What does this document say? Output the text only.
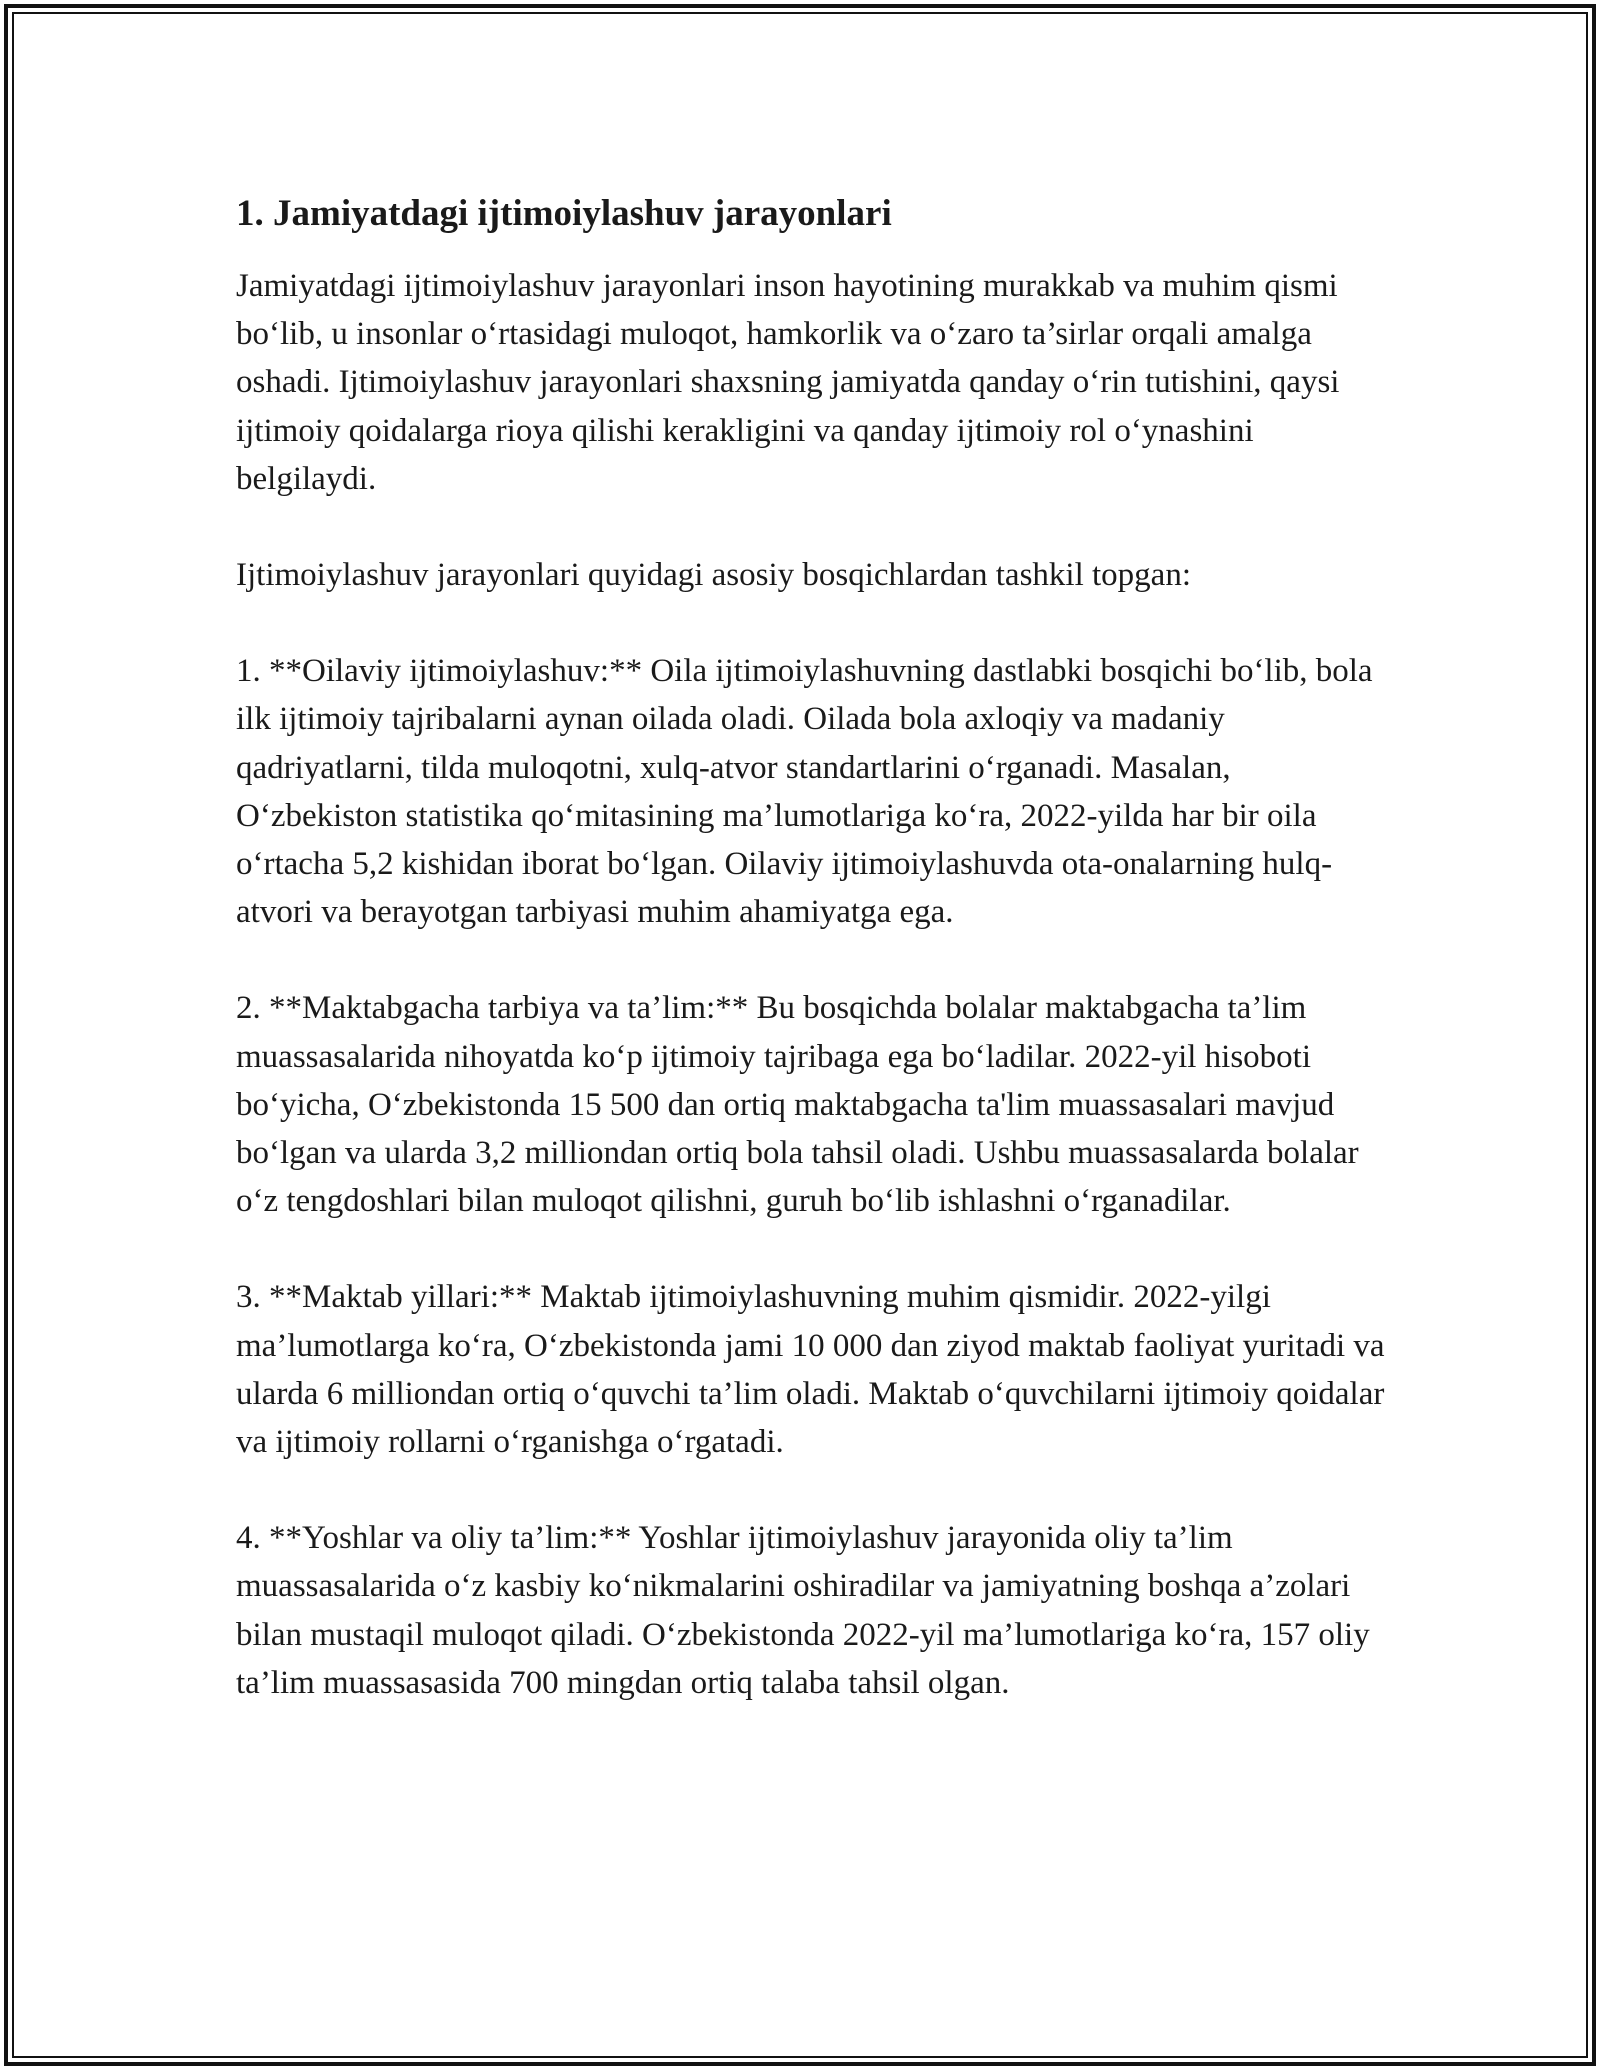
1. Jamiyatdagi ijtimoiylashuv jarayonlari

Jamiyatdagi ijtimoiylashuv jarayonlari inson hayotining murakkab va muhim qismi bo‘lib, u insonlar o‘rtasidagi muloqot, hamkorlik va o‘zaro ta’sirlar orqali amalga oshadi. Ijtimoiylashuv jarayonlari shaxsning jamiyatda qanday o‘rin tutishini, qaysi ijtimoiy qoidalarga rioya qilishi kerakligini va qanday ijtimoiy rol o‘ynashini belgilaydi.

Ijtimoiylashuv jarayonlari quyidagi asosiy bosqichlardan tashkil topgan:

1. **Oilaviy ijtimoiylashuv:** Oila ijtimoiylashuvning dastlabki bosqichi bo‘lib, bola ilk ijtimoiy tajribalarni aynan oilada oladi. Oilada bola axloqiy va madaniy qadriyatlarni, tilda muloqotni, xulq-atvor standartlarini o‘rganadi. Masalan, O‘zbekiston statistika qo‘mitasining ma’lumotlariga ko‘ra, 2022-yilda har bir oila o‘rtacha 5,2 kishidan iborat bo‘lgan. Oilaviy ijtimoiylashuvda ota-onalarning hulq-atvori va berayotgan tarbiyasi muhim ahamiyatga ega.

2. **Maktabgacha tarbiya va ta’lim:** Bu bosqichda bolalar maktabgacha ta’lim muassasalarida nihoyatda ko‘p ijtimoiy tajribaga ega bo‘ladilar. 2022-yil hisoboti bo‘yicha, O‘zbekistonda 15 500 dan ortiq maktabgacha ta'lim muassasalari mavjud bo‘lgan va ularda 3,2 milliondan ortiq bola tahsil oladi. Ushbu muassasalarda bolalar o‘z tengdoshlari bilan muloqot qilishni, guruh bo‘lib ishlashni o‘rganadilar.

3. **Maktab yillari:** Maktab ijtimoiylashuvning muhim qismidir. 2022-yilgi ma’lumotlarga ko‘ra, O‘zbekistonda jami 10 000 dan ziyod maktab faoliyat yuritadi va ularda 6 milliondan ortiq o‘quvchi ta’lim oladi. Maktab o‘quvchilarni ijtimoiy qoidalar va ijtimoiy rollarni o‘rganishga o‘rgatadi.

4. **Yoshlar va oliy ta’lim:** Yoshlar ijtimoiylashuv jarayonida oliy ta’lim muassasalarida o‘z kasbiy ko‘nikmalarini oshiradilar va jamiyatning boshqa a’zolari bilan mustaqil muloqot qiladi. O‘zbekistonda 2022-yil ma’lumotlariga ko‘ra, 157 oliy ta’lim muassasasida 700 mingdan ortiq talaba tahsil olgan.
